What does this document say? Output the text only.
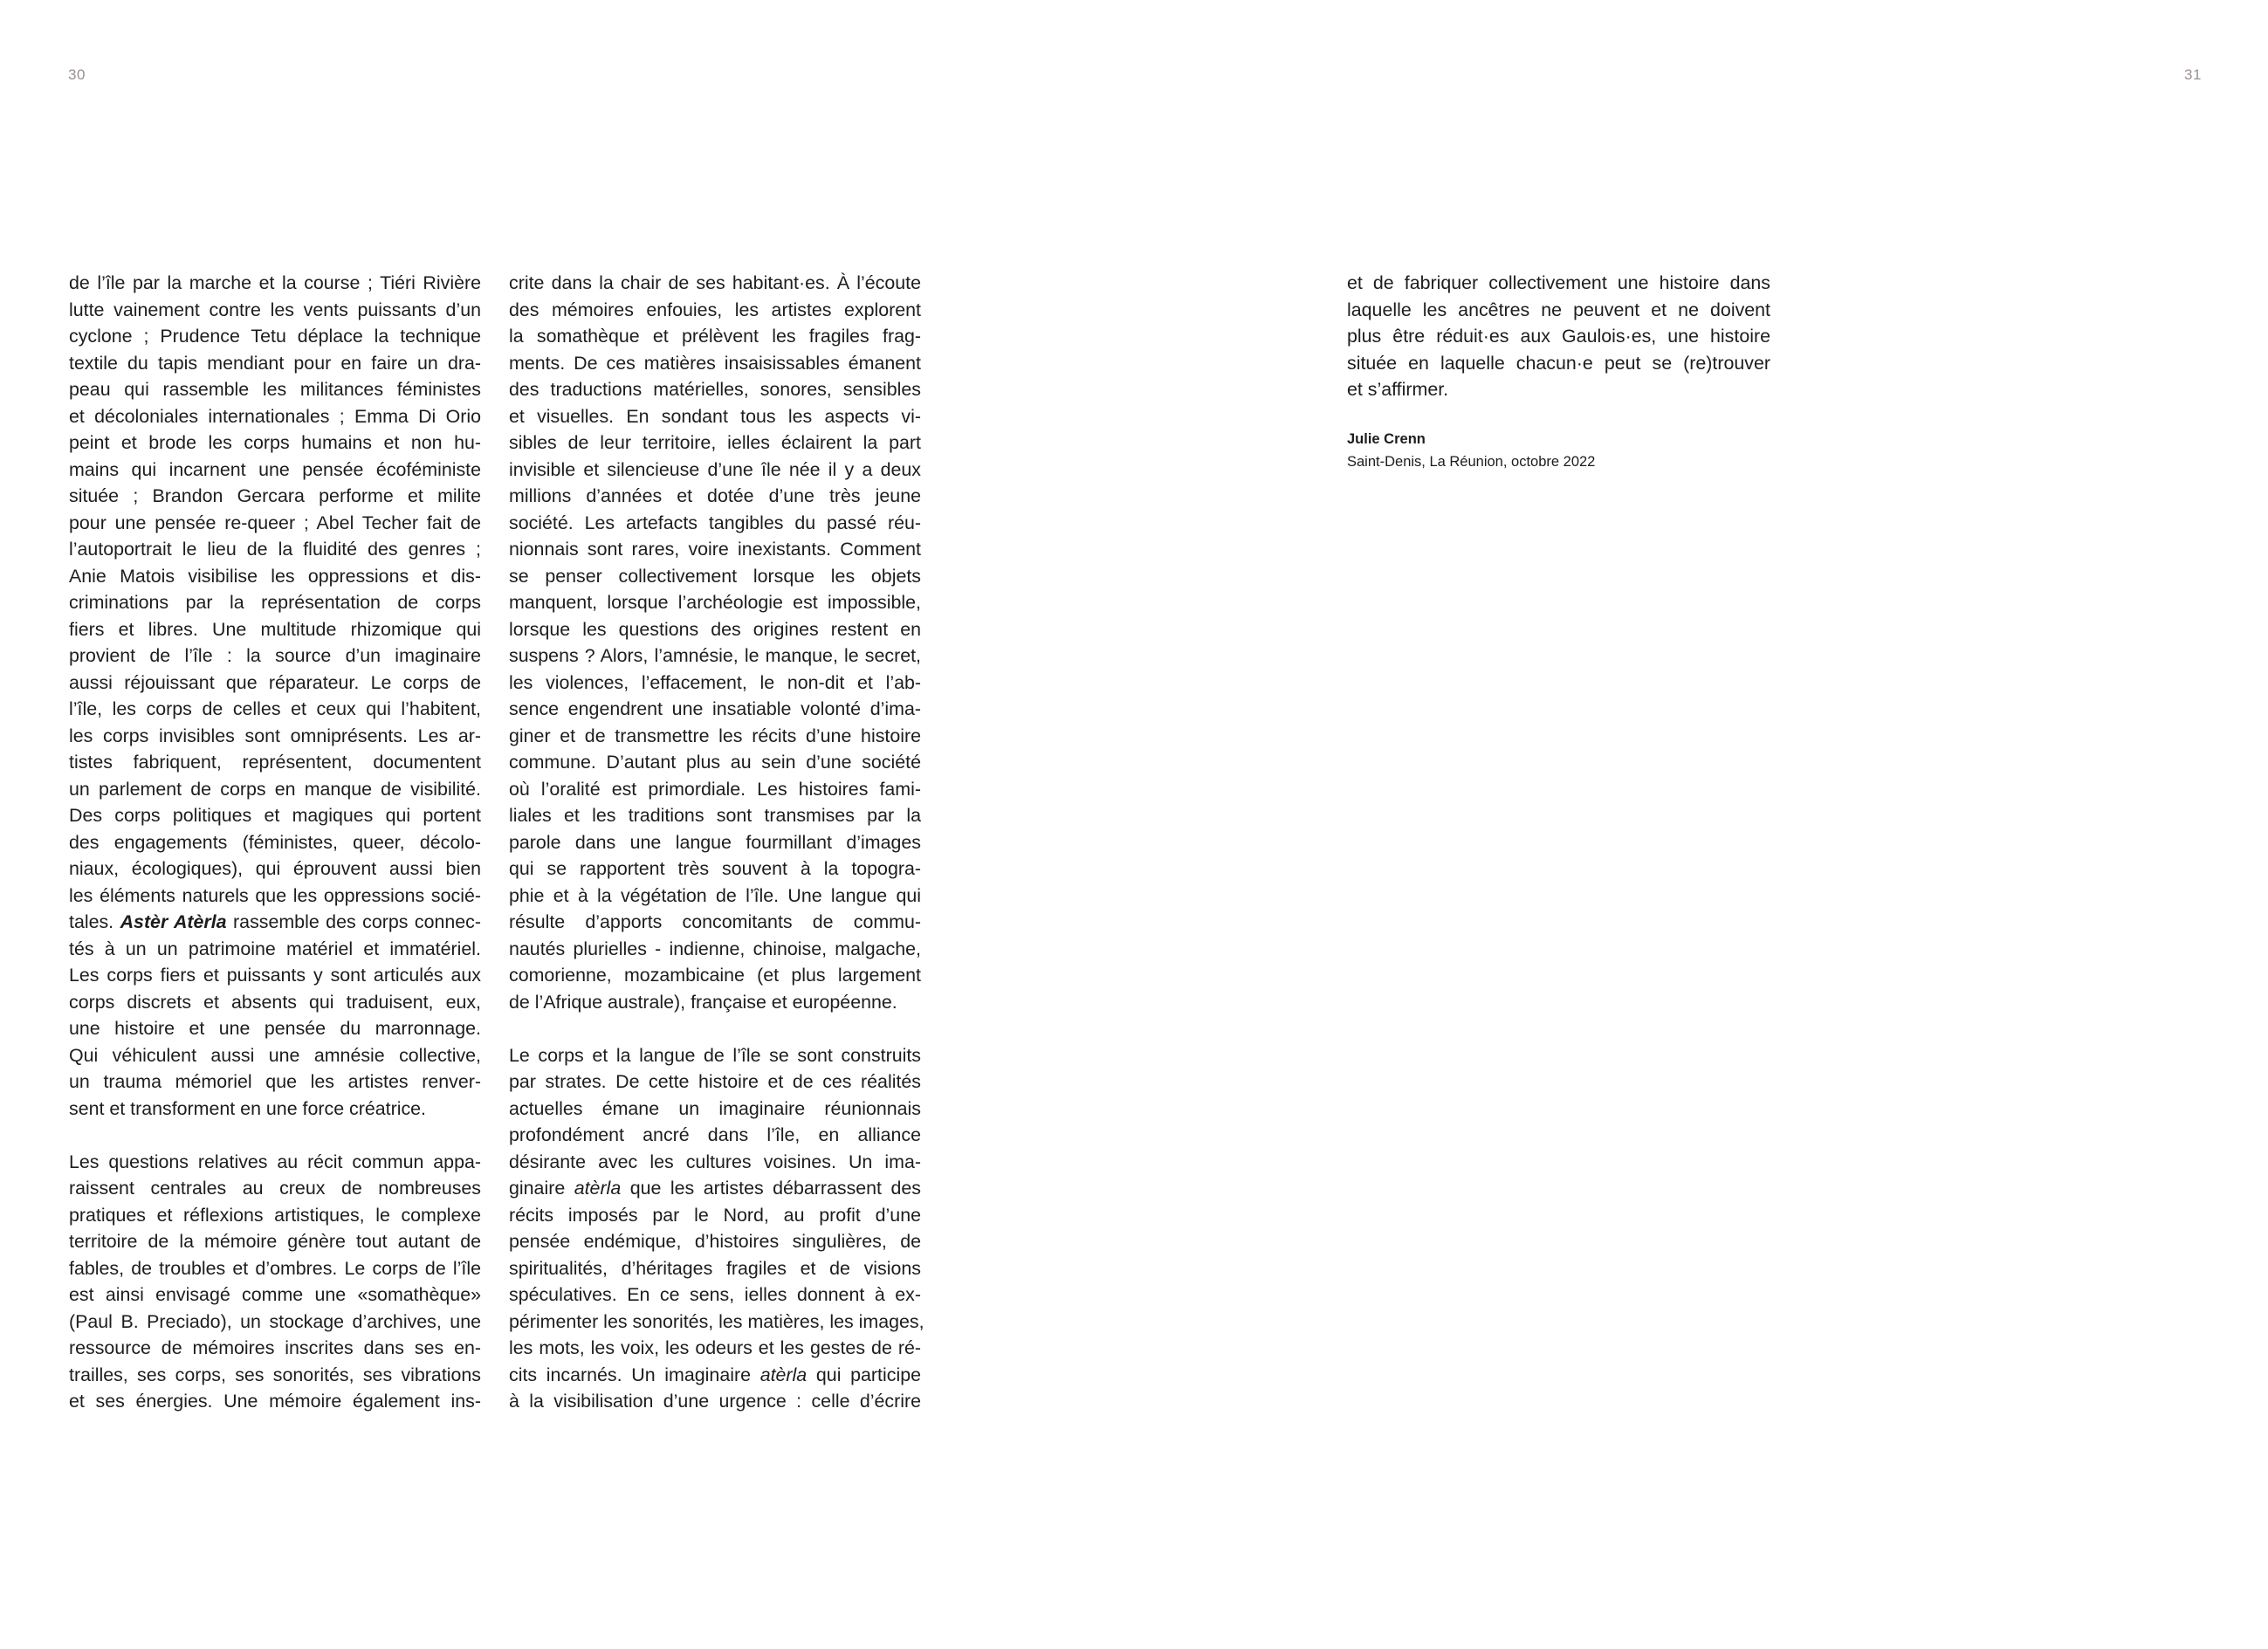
30	31
de l’île par la marche et la course ; Tiéri Rivière
lutte vainement contre les vents puissants d’un
cyclone ; Prudence Tetu déplace la technique
textile du tapis mendiant pour en faire un dra-
peau qui rassemble les militances féministes
et décoloniales internationales ; Emma Di Orio
peint et brode les corps humains et non hu-
mains qui incarnent une pensée écoféministe
située ; Brandon Gercara performe et milite
pour une pensée re-queer ; Abel Techer fait de
l’autoportrait le lieu de la fluidité des genres ;
Anie Matois visibilise les oppressions et dis-
criminations par la représentation de corps
fiers et libres. Une multitude rhizomique qui
provient de l’île : la source d’un imaginaire
aussi réjouissant que réparateur. Le corps de
l’île, les corps de celles et ceux qui l’habitent,
les corps invisibles sont omniprésents. Les ar-
tistes fabriquent, représentent, documentent
un parlement de corps en manque de visibilité.
Des corps politiques et magiques qui portent
des engagements (féministes, queer, décolo-
niaux, écologiques), qui éprouvent aussi bien
les éléments naturels que les oppressions socié-
tales. Astèr Atèrla rassemble des corps connec-
tés à un un patrimoine matériel et immatériel.
Les corps fiers et puissants y sont articulés aux
corps discrets et absents qui traduisent, eux,
une histoire et une pensée du marronnage.
Qui véhiculent aussi une amnésie collective,
un trauma mémoriel que les artistes renver-
sent et transforment en une force créatrice.
Les questions relatives au récit commun appa-
raissent centrales au creux de nombreuses
pratiques et réflexions artistiques, le complexe
territoire de la mémoire génère tout autant de
fables, de troubles et d’ombres. Le corps de l’île
est ainsi envisagé comme une «somathèque»
(Paul B. Preciado), un stockage d’archives, une
ressource de mémoires inscrites dans ses en-
trailles, ses corps, ses sonorités, ses vibrations
et ses énergies. Une mémoire également ins-
crite dans la chair de ses habitant·es. À l’écoute
des mémoires enfouies, les artistes explorent
la somathèque et prélèvent les fragiles frag-
ments. De ces matières insaisissables émanent
des traductions matérielles, sonores, sensibles
et visuelles. En sondant tous les aspects vi-
sibles de leur territoire, ielles éclairent la part
invisible et silencieuse d’une île née il y a deux
millions d’années et dotée d’une très jeune
société. Les artefacts tangibles du passé réu-
nionnais sont rares, voire inexistants. Comment
se penser collectivement lorsque les objets
manquent, lorsque l’archéologie est impossible,
lorsque les questions des origines restent en
suspens ? Alors, l’amnésie, le manque, le secret,
les violences, l’effacement, le non-dit et l’ab-
sence engendrent une insatiable volonté d’ima-
giner et de transmettre les récits d’une histoire
commune. D’autant plus au sein d’une société
où l’oralité est primordiale. Les histoires fami-
liales et les traditions sont transmises par la
parole dans une langue fourmillant d’images
qui se rapportent très souvent à la topogra-
phie et à la végétation de l’île. Une langue qui
résulte d’apports concomitants de commu-
nautés plurielles - indienne, chinoise, malgache,
comorienne, mozambicaine (et plus largement
de l’Afrique australe), française et européenne.
Le corps et la langue de l’île se sont construits
par strates. De cette histoire et de ces réalités
actuelles émane un imaginaire réunionnais
profondément ancré dans l’île, en alliance
désirante avec les cultures voisines. Un ima-
ginaire atèrla que les artistes débarrassent des
récits imposés par le Nord, au profit d’une
pensée endémique, d’histoires singulières, de
spiritualités, d’héritages fragiles et de visions
spéculatives. En ce sens, ielles donnent à ex-
périmenter les sonorités, les matières, les images,
les mots, les voix, les odeurs et les gestes de ré-
cits incarnés. Un imaginaire atèrla qui participe
à la visibilisation d’une urgence : celle d’écrire
et de fabriquer collectivement une histoire dans
laquelle les ancêtres ne peuvent et ne doivent
plus être réduit·es aux Gaulois·es, une histoire
située en laquelle chacun·e peut se (re)trouver
et s’affirmer.
Julie Crenn
Saint-Denis, La Réunion, octobre 2022
